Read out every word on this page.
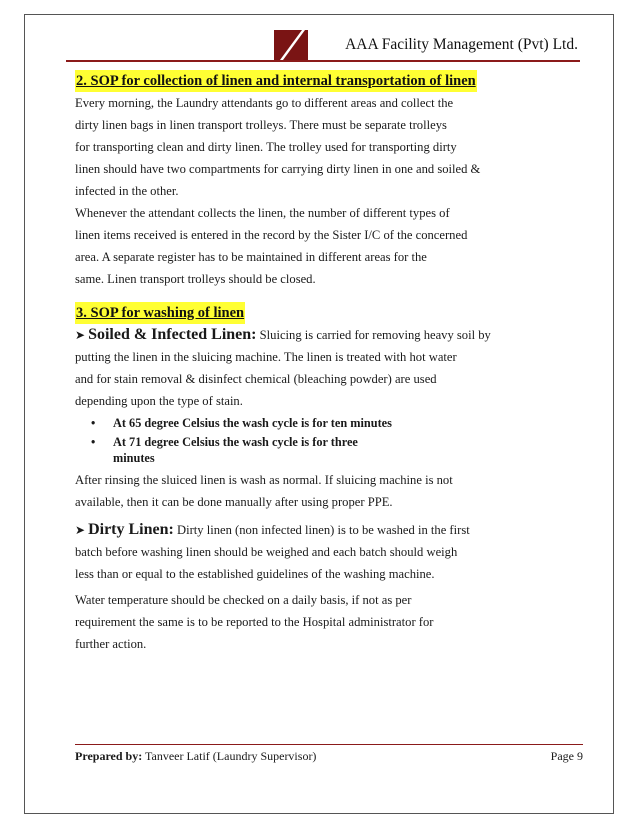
AAA Facility Management (Pvt) Ltd.
2. SOP for collection of linen and internal transportation of linen
Every morning, the Laundry attendants go to different areas and collect the
dirty linen bags in linen transport trolleys. There must be separate trolleys
for transporting clean and dirty linen. The trolley used for transporting dirty
linen should have two compartments for carrying dirty linen in one and soiled &
infected in the other.
Whenever the attendant collects the linen, the number of different types of
linen items received is entered in the record by the Sister I/C of the concerned
area. A separate register has to be maintained in different areas for the
same. Linen transport trolleys should be closed.
3. SOP for washing of linen
➤ Soiled & Infected Linen: Sluicing is carried for removing heavy soil by
putting the linen in the sluicing machine. The linen is treated with hot water
and for stain removal & disinfect chemical (bleaching powder) are used
depending upon the type of stain.
• At 65 degree Celsius the wash cycle is for ten minutes
• At 71 degree Celsius the wash cycle is for three minutes
After rinsing the sluiced linen is wash as normal. If sluicing machine is not
available, then it can be done manually after using proper PPE.
➤ Dirty Linen: Dirty linen (non infected linen) is to be washed in the first
batch before washing linen should be weighed and each batch should weigh
less than or equal to the established guidelines of the washing machine.
Water temperature should be checked on a daily basis, if not as per
requirement the same is to be reported to the Hospital administrator for
further action.
Prepared by: Tanveer Latif (Laundry Supervisor)	Page 9
